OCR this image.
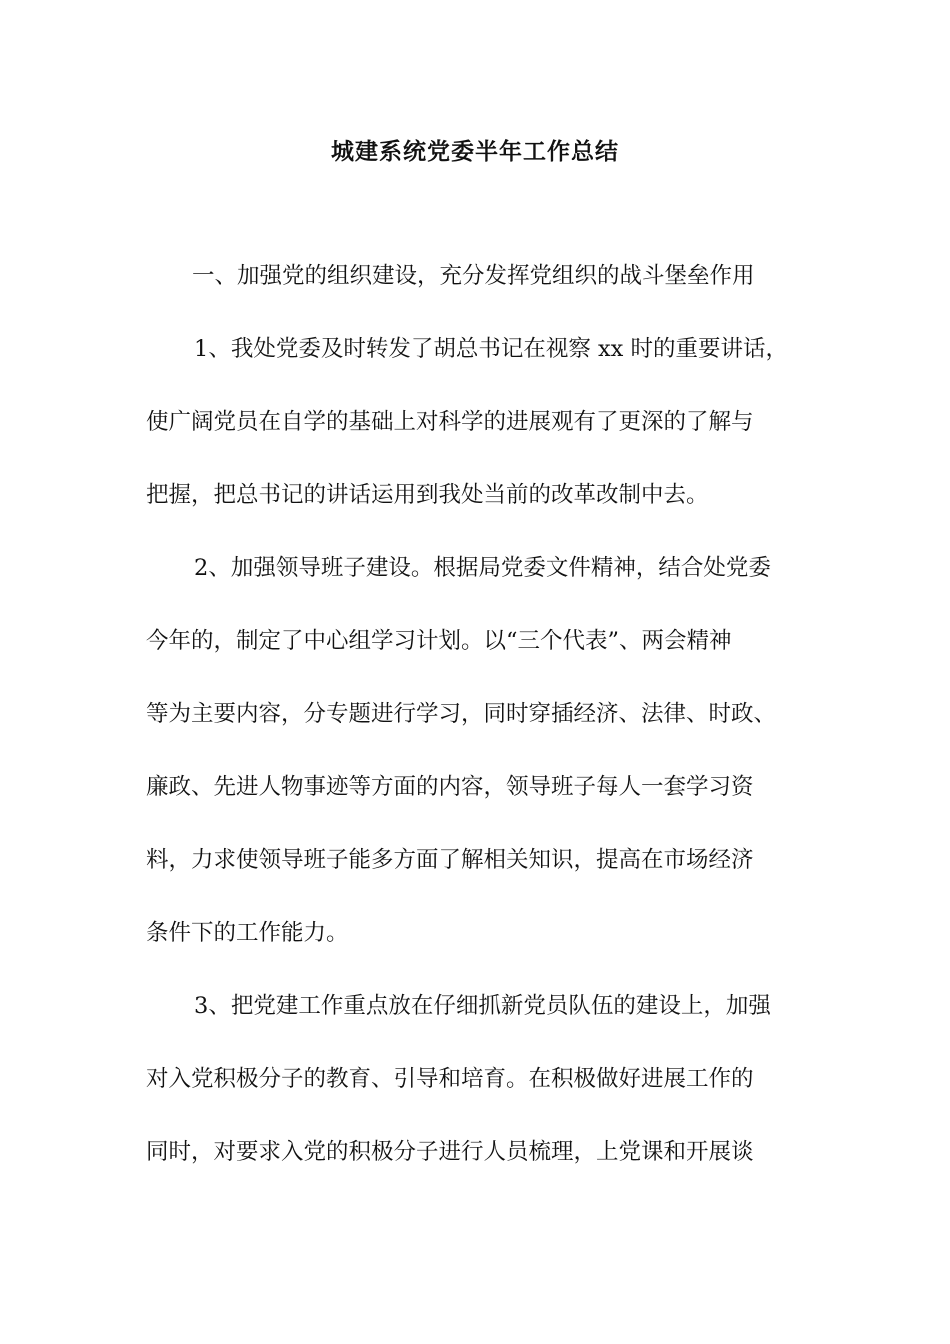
城建系统党委半年工作总结
一、加强党的组织建设，充分发挥党组织的战斗堡垒作用
1、我处党委及时转发了胡总书记在视察 xx 时的重要讲话，
使广阔党员在自学的基础上对科学的进展观有了更深的了解与
把握，把总书记的讲话运用到我处当前的改革改制中去。
2、加强领导班子建设。根据局党委文件精神，结合处党委
今年的，制定了中心组学习计划。以“三个代表”、两会精神
等为主要内容，分专题进行学习，同时穿插经济、法律、时政、
廉政、先进人物事迹等方面的内容，领导班子每人一套学习资
料，力求使领导班子能多方面了解相关知识，提高在市场经济
条件下的工作能力。
3、把党建工作重点放在仔细抓新党员队伍的建设上，加强
对入党积极分子的教育、引导和培育。在积极做好进展工作的
同时，对要求入党的积极分子进行人员梳理，上党课和开展谈
